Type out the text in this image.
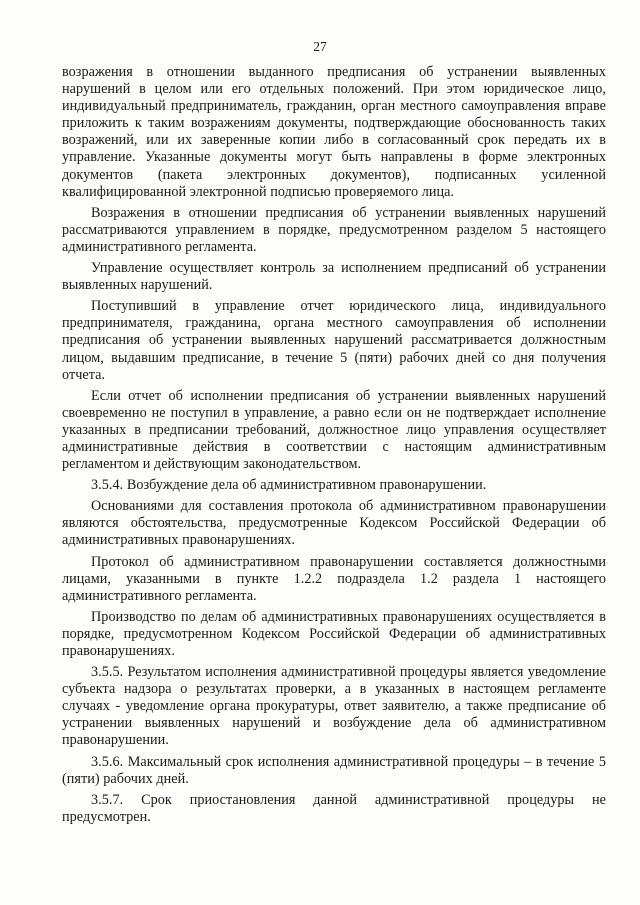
27

возражения в отношении выданного предписания об устранении выявленных нарушений в целом или его отдельных положений. При этом юридическое лицо, индивидуальный предприниматель, гражданин, орган местного самоуправления вправе приложить к таким возражениям документы, подтверждающие обоснованность таких возражений, или их заверенные копии либо в согласованный срок передать их в управление. Указанные документы могут быть направлены в форме электронных документов (пакета электронных документов), подписанных усиленной квалифицированной электронной подписью проверяемого лица.

Возражения в отношении предписания об устранении выявленных нарушений рассматриваются управлением в порядке, предусмотренном разделом 5 настоящего административного регламента.

Управление осуществляет контроль за исполнением предписаний об устранении выявленных нарушений.

Поступивший в управление отчет юридического лица, индивидуального предпринимателя, гражданина, органа местного самоуправления об исполнении предписания об устранении выявленных нарушений рассматривается должностным лицом, выдавшим предписание, в течение 5 (пяти) рабочих дней со дня получения отчета.

Если отчет об исполнении предписания об устранении выявленных нарушений своевременно не поступил в управление, а равно если он не подтверждает исполнение указанных в предписании требований, должностное лицо управления осуществляет административные действия в соответствии с настоящим административным регламентом и действующим законодательством.

3.5.4. Возбуждение дела об административном правонарушении.

Основаниями для составления протокола об административном правонарушении являются обстоятельства, предусмотренные Кодексом Российской Федерации об административных правонарушениях.

Протокол об административном правонарушении составляется должностными лицами, указанными в пункте 1.2.2 подраздела 1.2 раздела 1 настоящего административного регламента.

Производство по делам об административных правонарушениях осуществляется в порядке, предусмотренном Кодексом Российской Федерации об административных правонарушениях.

3.5.5. Результатом исполнения административной процедуры является уведомление субъекта надзора о результатах проверки, а в указанных в настоящем регламенте случаях - уведомление органа прокуратуры, ответ заявителю, а также предписание об устранении выявленных нарушений и возбуждение дела об административном правонарушении.

3.5.6. Максимальный срок исполнения административной процедуры – в течение 5 (пяти) рабочих дней.

3.5.7. Срок приостановления данной административной процедуры не предусмотрен.
